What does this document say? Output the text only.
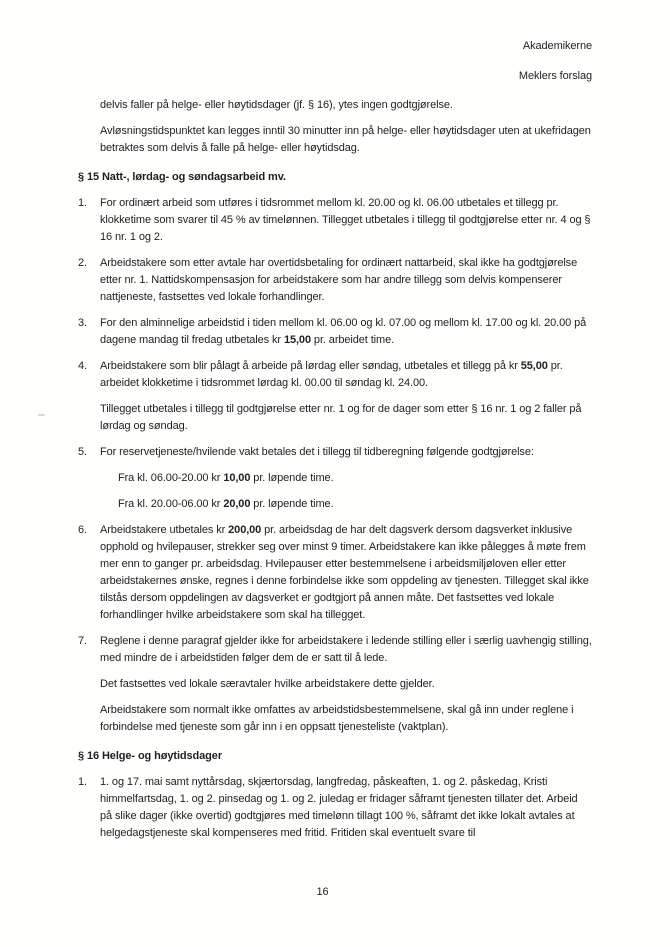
Akademikerne
Meklers forslag
delvis faller på helge- eller høytidsdager (jf. § 16), ytes ingen godtgjørelse.
Avløsningstidspunktet kan legges inntil 30 minutter inn på helge- eller høytidsdager uten at ukefridagen betraktes som delvis å falle på helge- eller høytidsdag.
§ 15 Natt-, lørdag- og søndagsarbeid mv.
1.	For ordinært arbeid som utføres i tidsrommet mellom kl. 20.00 og kl. 06.00 utbetales et tillegg pr. klokketime som svarer til 45 % av timelønnen. Tillegget utbetales i tillegg til godtgjørelse etter nr. 4 og § 16 nr. 1 og 2.
2.	Arbeidstakere som etter avtale har overtidsbetaling for ordinært nattarbeid, skal ikke ha godtgjørelse etter nr. 1. Nattidskompensasjon for arbeidstakere som har andre tillegg som delvis kompenserer nattjeneste, fastsettes ved lokale forhandlinger.
3.	For den alminnelige arbeidstid i tiden mellom kl. 06.00 og kl. 07.00 og mellom kl. 17.00 og kl. 20.00 på dagene mandag til fredag utbetales kr 15,00 pr. arbeidet time.
4.	Arbeidstakere som blir pålagt å arbeide på lørdag eller søndag, utbetales et tillegg på kr 55,00 pr. arbeidet klokketime i tidsrommet lørdag kl. 00.00 til søndag kl. 24.00.
Tillegget utbetales i tillegg til godtgjørelse etter nr. 1 og for de dager som etter § 16 nr. 1 og 2 faller på lørdag og søndag.
5.	For reservetjeneste/hvilende vakt betales det i tillegg til tidberegning følgende godtgjørelse:
Fra kl. 06.00-20.00 kr 10,00 pr. løpende time.
Fra kl. 20.00-06.00 kr 20,00 pr. løpende time.
6.	Arbeidstakere utbetales kr 200,00 pr. arbeidsdag de har delt dagsverk dersom dagsverket inklusive opphold og hvilepauser, strekker seg over minst 9 timer. Arbeidstakere kan ikke pålegges å møte frem mer enn to ganger pr. arbeidsdag. Hvilepauser etter bestemmelsene i arbeidsmiljøloven eller etter arbeidstakernes ønske, regnes i denne forbindelse ikke som oppdeling av tjenesten. Tillegget skal ikke tilstås dersom oppdelingen av dagsverket er godtgjort på annen måte. Det fastsettes ved lokale forhandlinger hvilke arbeidstakere som skal ha tillegget.
7.	Reglene i denne paragraf gjelder ikke for arbeidstakere i ledende stilling eller i særlig uavhengig stilling, med mindre de i arbeidstiden følger dem de er satt til å lede.
Det fastsettes ved lokale særavtaler hvilke arbeidstakere dette gjelder.
Arbeidstakere som normalt ikke omfattes av arbeidstidsbestemmelsene, skal gå inn under reglene i forbindelse med tjeneste som går inn i en oppsatt tjenesteliste (vaktplan).
§ 16 Helge- og høytidsdager
1.	1. og 17. mai samt nyttårsdag, skjærtorsdag, langfredag, påskeaften, 1. og 2. påskedag, Kristi himmelfartsdag, 1. og 2. pinsedag og 1. og 2. juledag er fridager såframt tjenesten tillater det. Arbeid på slike dager (ikke overtid) godtgjøres med timelønn tillagt 100 %, såframt det ikke lokalt avtales at helgedagstjeneste skal kompenseres med fritid. Fritiden skal eventuelt svare til
16
